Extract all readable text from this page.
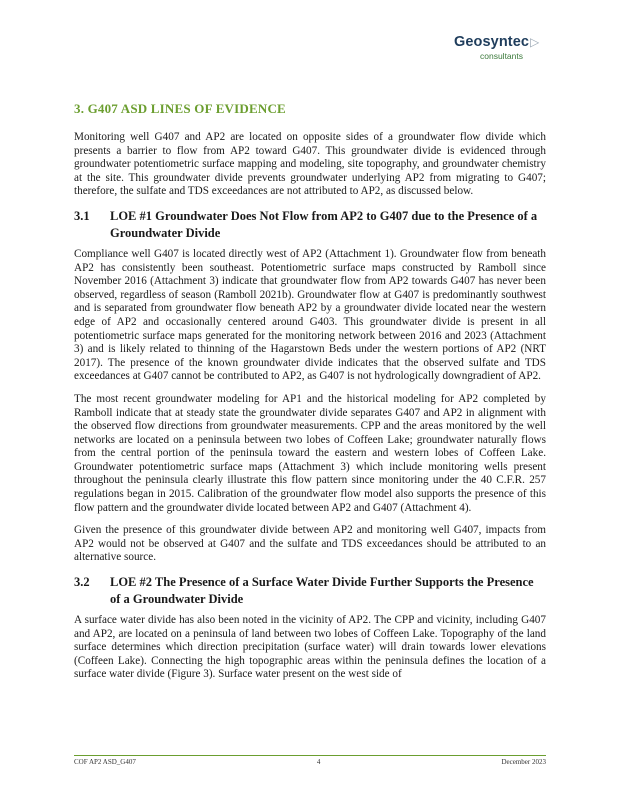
Geosyntec▷
consultants
3. G407 ASD LINES OF EVIDENCE

Monitoring well G407 and AP2 are located on opposite sides of a groundwater flow divide which presents a barrier to flow from AP2 toward G407. This groundwater divide is evidenced through groundwater potentiometric surface mapping and modeling, site topography, and groundwater chemistry at the site. This groundwater divide prevents groundwater underlying AP2 from migrating to G407; therefore, the sulfate and TDS exceedances are not attributed to AP2, as discussed below.

3.1	LOE #1 Groundwater Does Not Flow from AP2 to G407 due to the Presence of a Groundwater Divide

Compliance well G407 is located directly west of AP2 (Attachment 1). Groundwater flow from beneath AP2 has consistently been southeast. Potentiometric surface maps constructed by Ramboll since November 2016 (Attachment 3) indicate that groundwater flow from AP2 towards G407 has never been observed, regardless of season (Ramboll 2021b). Groundwater flow at G407 is predominantly southwest and is separated from groundwater flow beneath AP2 by a groundwater divide located near the western edge of AP2 and occasionally centered around G403. This groundwater divide is present in all potentiometric surface maps generated for the monitoring network between 2016 and 2023 (Attachment 3) and is likely related to thinning of the Hagarstown Beds under the western portions of AP2 (NRT 2017). The presence of the known groundwater divide indicates that the observed sulfate and TDS exceedances at G407 cannot be contributed to AP2, as G407 is not hydrologically downgradient of AP2.

The most recent groundwater modeling for AP1 and the historical modeling for AP2 completed by Ramboll indicate that at steady state the groundwater divide separates G407 and AP2 in alignment with the observed flow directions from groundwater measurements. CPP and the areas monitored by the well networks are located on a peninsula between two lobes of Coffeen Lake; groundwater naturally flows from the central portion of the peninsula toward the eastern and western lobes of Coffeen Lake. Groundwater potentiometric surface maps (Attachment 3) which include monitoring wells present throughout the peninsula clearly illustrate this flow pattern since monitoring under the 40 C.F.R. 257 regulations began in 2015. Calibration of the groundwater flow model also supports the presence of this flow pattern and the groundwater divide located between AP2 and G407 (Attachment 4).

Given the presence of this groundwater divide between AP2 and monitoring well G407, impacts from AP2 would not be observed at G407 and the sulfate and TDS exceedances should be attributed to an alternative source.

3.2	LOE #2 The Presence of a Surface Water Divide Further Supports the Presence of a Groundwater Divide

A surface water divide has also been noted in the vicinity of AP2. The CPP and vicinity, including G407 and AP2, are located on a peninsula of land between two lobes of Coffeen Lake. Topography of the land surface determines which direction precipitation (surface water) will drain towards lower elevations (Coffeen Lake). Connecting the high topographic areas within the peninsula defines the location of a surface water divide (Figure 3). Surface water present on the west side of

COF AP2 ASD_G407	4	December 2023
